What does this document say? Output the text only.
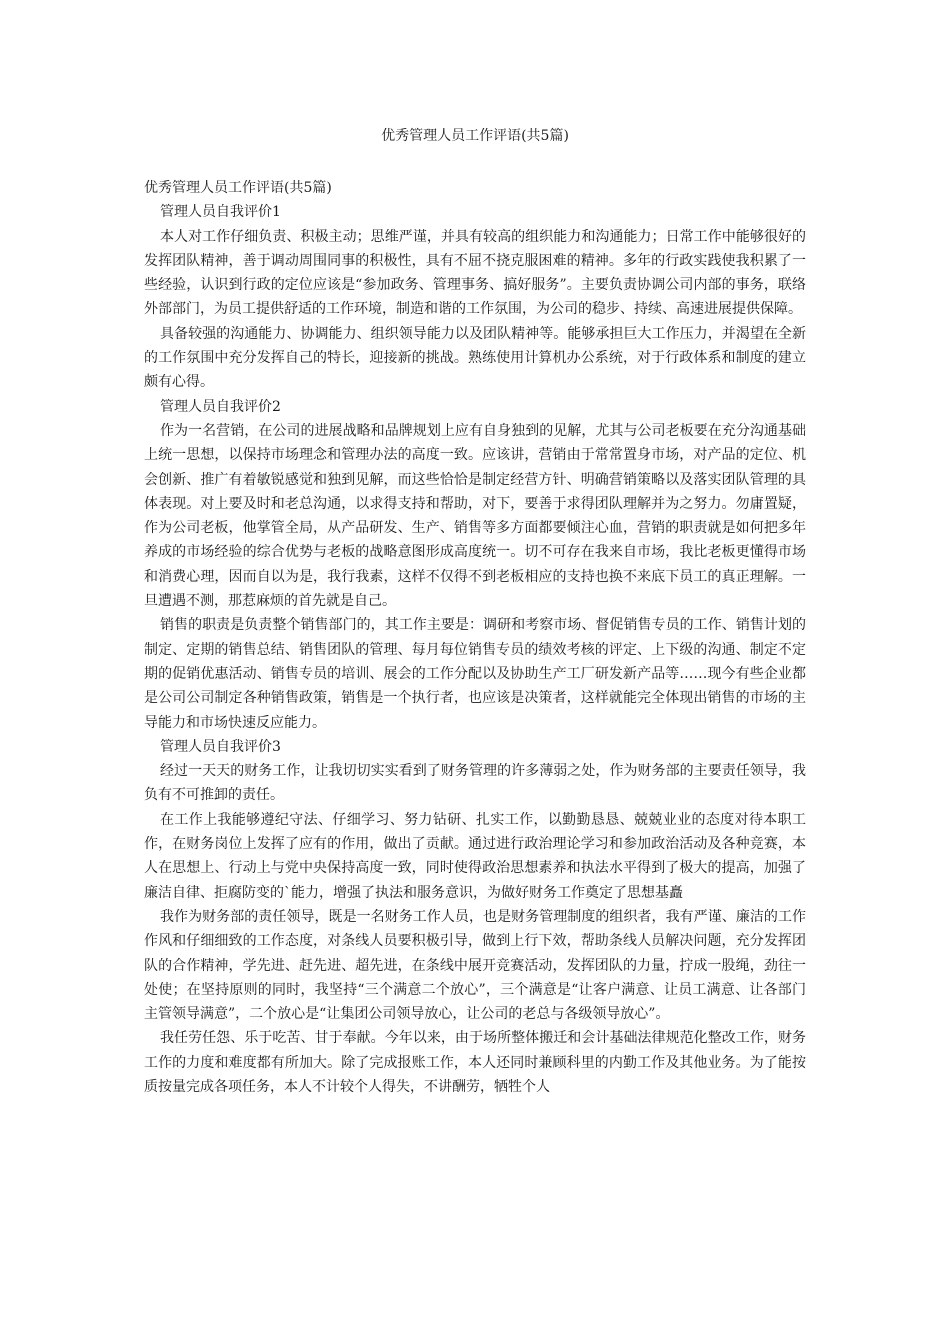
优秀管理人员工作评语(共5篇)

优秀管理人员工作评语(共5篇)

管理人员自我评价1

本人对工作仔细负责、积极主动；思维严谨，并具有较高的组织能力和沟通能力；日常工作中能够很好的发挥团队精神，善于调动周围同事的积极性，具有不屈不挠克服困难的精神。多年的行政实践使我积累了一些经验，认识到行政的定位应该是“参加政务、管理事务、搞好服务”。主要负责协调公司内部的事务，联络外部部门，为员工提供舒适的工作环境，制造和谐的工作氛围，为公司的稳步、持续、高速进展提供保障。

具备较强的沟通能力、协调能力、组织领导能力以及团队精神等。能够承担巨大工作压力，并渴望在全新的工作氛围中充分发挥自己的特长，迎接新的挑战。熟练使用计算机办公系统，对于行政体系和制度的建立颇有心得。

管理人员自我评价2

作为一名营销，在公司的进展战略和品牌规划上应有自身独到的见解，尤其与公司老板要在充分沟通基础上统一思想，以保持市场理念和管理办法的高度一致。应该讲，营销由于常常置身市场，对产品的定位、机会创新、推广有着敏锐感觉和独到见解，而这些恰恰是制定经营方针、明确营销策略以及落实团队管理的具体表现。对上要及时和老总沟通，以求得支持和帮助，对下，要善于求得团队理解并为之努力。勿庸置疑，作为公司老板，他掌管全局，从产品研发、生产、销售等多方面都要倾注心血，营销的职责就是如何把多年养成的市场经验的综合优势与老板的战略意图形成高度统一。切不可存在我来自市场，我比老板更懂得市场和消费心理，因而自以为是，我行我素，这样不仅得不到老板相应的支持也换不来底下员工的真正理解。一旦遭遇不测，那惹麻烦的首先就是自己。

销售的职责是负责整个销售部门的，其工作主要是：调研和考察市场、督促销售专员的工作、销售计划的制定、定期的销售总结、销售团队的管理、每月每位销售专员的绩效考核的评定、上下级的沟通、制定不定期的促销优惠活动、销售专员的培训、展会的工作分配以及协助生产工厂研发新产品等……现今有些企业都是公司公司制定各种销售政策，销售是一个执行者，也应该是决策者，这样就能完全体现出销售的市场的主导能力和市场快速反应能力。

管理人员自我评价3

经过一天天的财务工作，让我切切实实看到了财务管理的许多薄弱之处，作为财务部的主要责任领导，我负有不可推卸的责任。

在工作上我能够遵纪守法、仔细学习、努力钻研、扎实工作，以勤勤恳恳、兢兢业业的态度对待本职工作，在财务岗位上发挥了应有的作用，做出了贡献。通过进行政治理论学习和参加政治活动及各种竞赛，本人在思想上、行动上与党中央保持高度一致，同时使得政治思想素养和执法水平得到了极大的提高，加强了廉洁自律、拒腐防变的`能力，增强了执法和服务意识，为做好财务工作奠定了思想基矗

我作为财务部的责任领导，既是一名财务工作人员，也是财务管理制度的组织者，我有严谨、廉洁的工作作风和仔细细致的工作态度，对条线人员要积极引导，做到上行下效，帮助条线人员解决问题，充分发挥团队的合作精神，学先进、赶先进、超先进，在条线中展开竞赛活动，发挥团队的力量，拧成一股绳，劲往一处使；在坚持原则的同时，我坚持“三个满意二个放心”，三个满意是“让客户满意、让员工满意、让各部门主管领导满意”，二个放心是“让集团公司领导放心，让公司的老总与各级领导放心”。

我任劳任怨、乐于吃苦、甘于奉献。今年以来，由于场所整体搬迁和会计基础法律规范化整改工作，财务工作的力度和难度都有所加大。除了完成报账工作，本人还同时兼顾科里的内勤工作及其他业务。为了能按质按量完成各项任务，本人不计较个人得失，不讲酬劳，牺牲个人
